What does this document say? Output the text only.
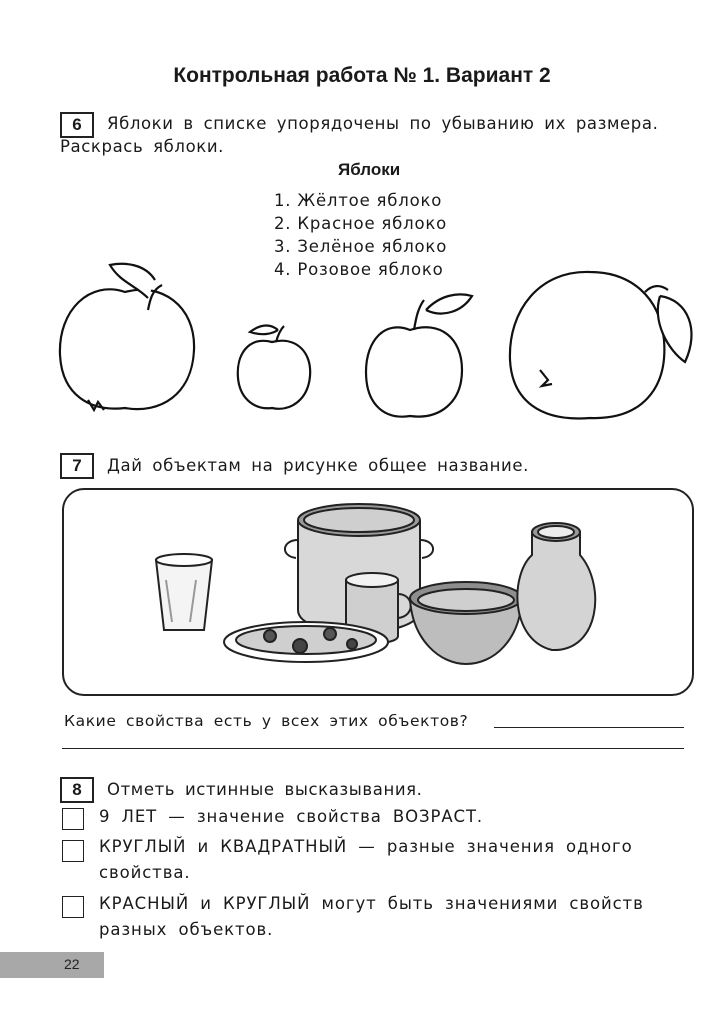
Контрольная работа № 1. Вариант 2
6	Яблоки в списке упорядочены по убыванию их размера.
Раскрась яблоки.
Яблоки
1. Жёлтое яблоко
2. Красное яблоко
3. Зелёное яблоко
4. Розовое яблоко
7	Дай объектам на рисунке общее название.
Какие свойства есть у всех этих объектов?
8	Отметь истинные высказывания.
9 ЛЕТ — значение свойства ВОЗРАСТ.
КРУГЛЫЙ и КВАДРАТНЫЙ — разные значения одного
свойства.
КРАСНЫЙ и КРУГЛЫЙ могут быть значениями свойств
разных объектов.
22
